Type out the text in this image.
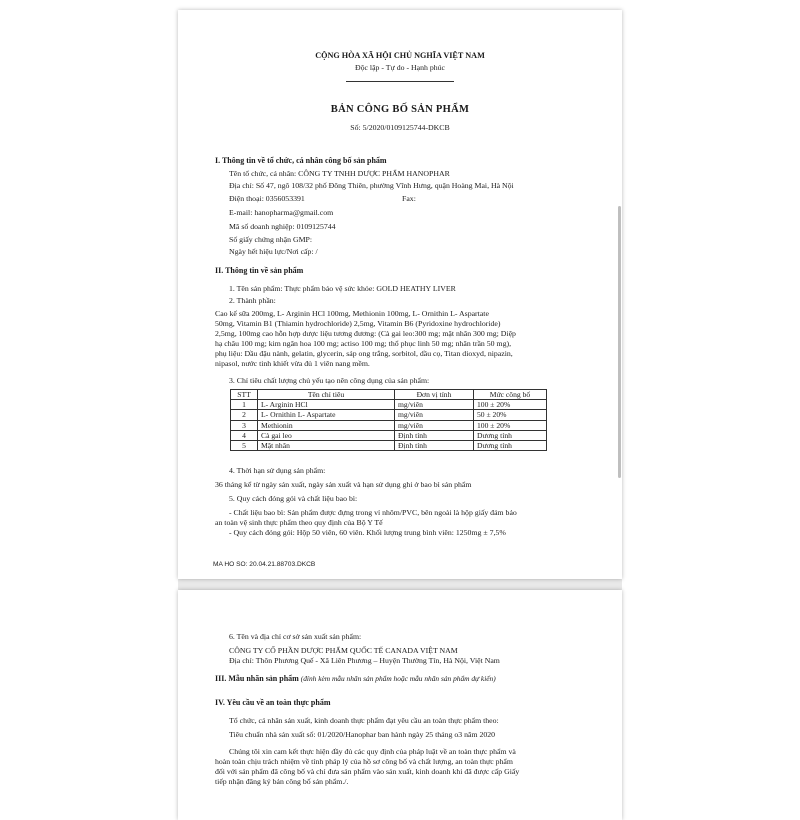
CỘNG HÒA XÃ HỘI CHỦ NGHĨA VIỆT NAM
Độc lập - Tự do - Hạnh phúc
BẢN CÔNG BỐ SẢN PHẨM
Số: 5/2020/0109125744-DKCB
I. Thông tin về tổ chức, cá nhân công bố sản phẩm
Tên tổ chức, cá nhân: CÔNG TY TNHH DƯỢC PHẨM HANOPHAR
Địa chỉ: Số 47, ngõ 108/32 phố Đông Thiên, phường Vĩnh Hưng, quận Hoàng Mai, Hà Nội
Điện thoại: 0356053391	Fax:
E-mail: hanopharma@gmail.com
Mã số doanh nghiệp: 0109125744
Số giấy chứng nhận GMP:
Ngày hết hiệu lực/Nơi cấp: /
II. Thông tin về sản phẩm
1. Tên sản phẩm: Thực phẩm bảo vệ sức khỏe: GOLD HEATHY LIVER
2. Thành phần:
Cao kế sữa 200mg, L- Arginin HCl 100mg, Methionin 100mg, L- Ornithin L- Aspartate
50mg, Vitamin B1 (Thiamin hydrochloride) 2,5mg, Vitamin B6 (Pyridoxine hydrochloride)
2,5mg, 100mg cao hỗn hợp dược liệu tương đương: (Cà gai leo:300 mg; mật nhân 300 mg; Diệp
hạ châu 100 mg; kim ngân hoa 100 mg; actiso 100 mg; thổ phục linh 50 mg; nhân trần 50 mg),
phụ liệu: Dầu đậu nành, gelatin, glycerin, sáp ong trắng, sorbitol, dầu cọ, Titan dioxyd, nipazin,
nipasol, nước tinh khiết vừa đủ 1 viên nang mềm.
3. Chỉ tiêu chất lượng chủ yếu tạo nên công dụng của sản phẩm:
4. Thời hạn sử dụng sản phẩm:
36 tháng kể từ ngày sản xuất, ngày sản xuất và hạn sử dụng ghi ở bao bì sản phẩm
5. Quy cách đóng gói và chất liệu bao bì:
- Chất liệu bao bì: Sản phẩm được đựng trong vỉ nhôm/PVC, bên ngoài là hộp giấy đảm bảo
an toàn vệ sinh thực phẩm theo quy định của Bộ Y Tế
- Quy cách đóng gói: Hộp 50 viên, 60 viên. Khối lượng trung bình viên: 1250mg ± 7,5%
MA HO SO: 20.04.21.88703.DKCB
STT	Tên chỉ tiêu	Đơn vị tính	Mức công bố
1	L- Arginin HCl	mg/viên	100 ± 20%
2	L- Ornithin L- Aspartate	mg/viên	50 ± 20%
3	Methionin	mg/viên	100 ± 20%
4	Cà gai leo	Định tính	Dương tính
5	Mật nhân	Định tính	Dương tính
6. Tên và địa chỉ cơ sở sản xuất sản phẩm:
CÔNG TY CỔ PHẦN DƯỢC PHẨM QUỐC TẾ CANADA VIỆT NAM
Địa chỉ: Thôn Phương Quế - Xã Liên Phương – Huyện Thường Tín, Hà Nội, Việt Nam
III. Mẫu nhãn sản phẩm (đính kèm mẫu nhãn sản phẩm hoặc mẫu nhãn sản phẩm dự kiến)
IV. Yêu cầu về an toàn thực phẩm
Tổ chức, cá nhân sản xuất, kinh doanh thực phẩm đạt yêu cầu an toàn thực phẩm theo:
Tiêu chuẩn nhà sản xuất số: 01/2020/Hanophar ban hành ngày 25 tháng o3 năm 2020
Chúng tôi xin cam kết thực hiện đầy đủ các quy định của pháp luật về an toàn thực phẩm và
hoàn toàn chịu trách nhiệm về tính pháp lý của hồ sơ công bố và chất lượng, an toàn thực phẩm
đối với sản phẩm đã công bố và chỉ đưa sản phẩm vào sản xuất, kinh doanh khi đã được cấp Giấy
tiếp nhận đăng ký bản công bố sản phẩm./.
